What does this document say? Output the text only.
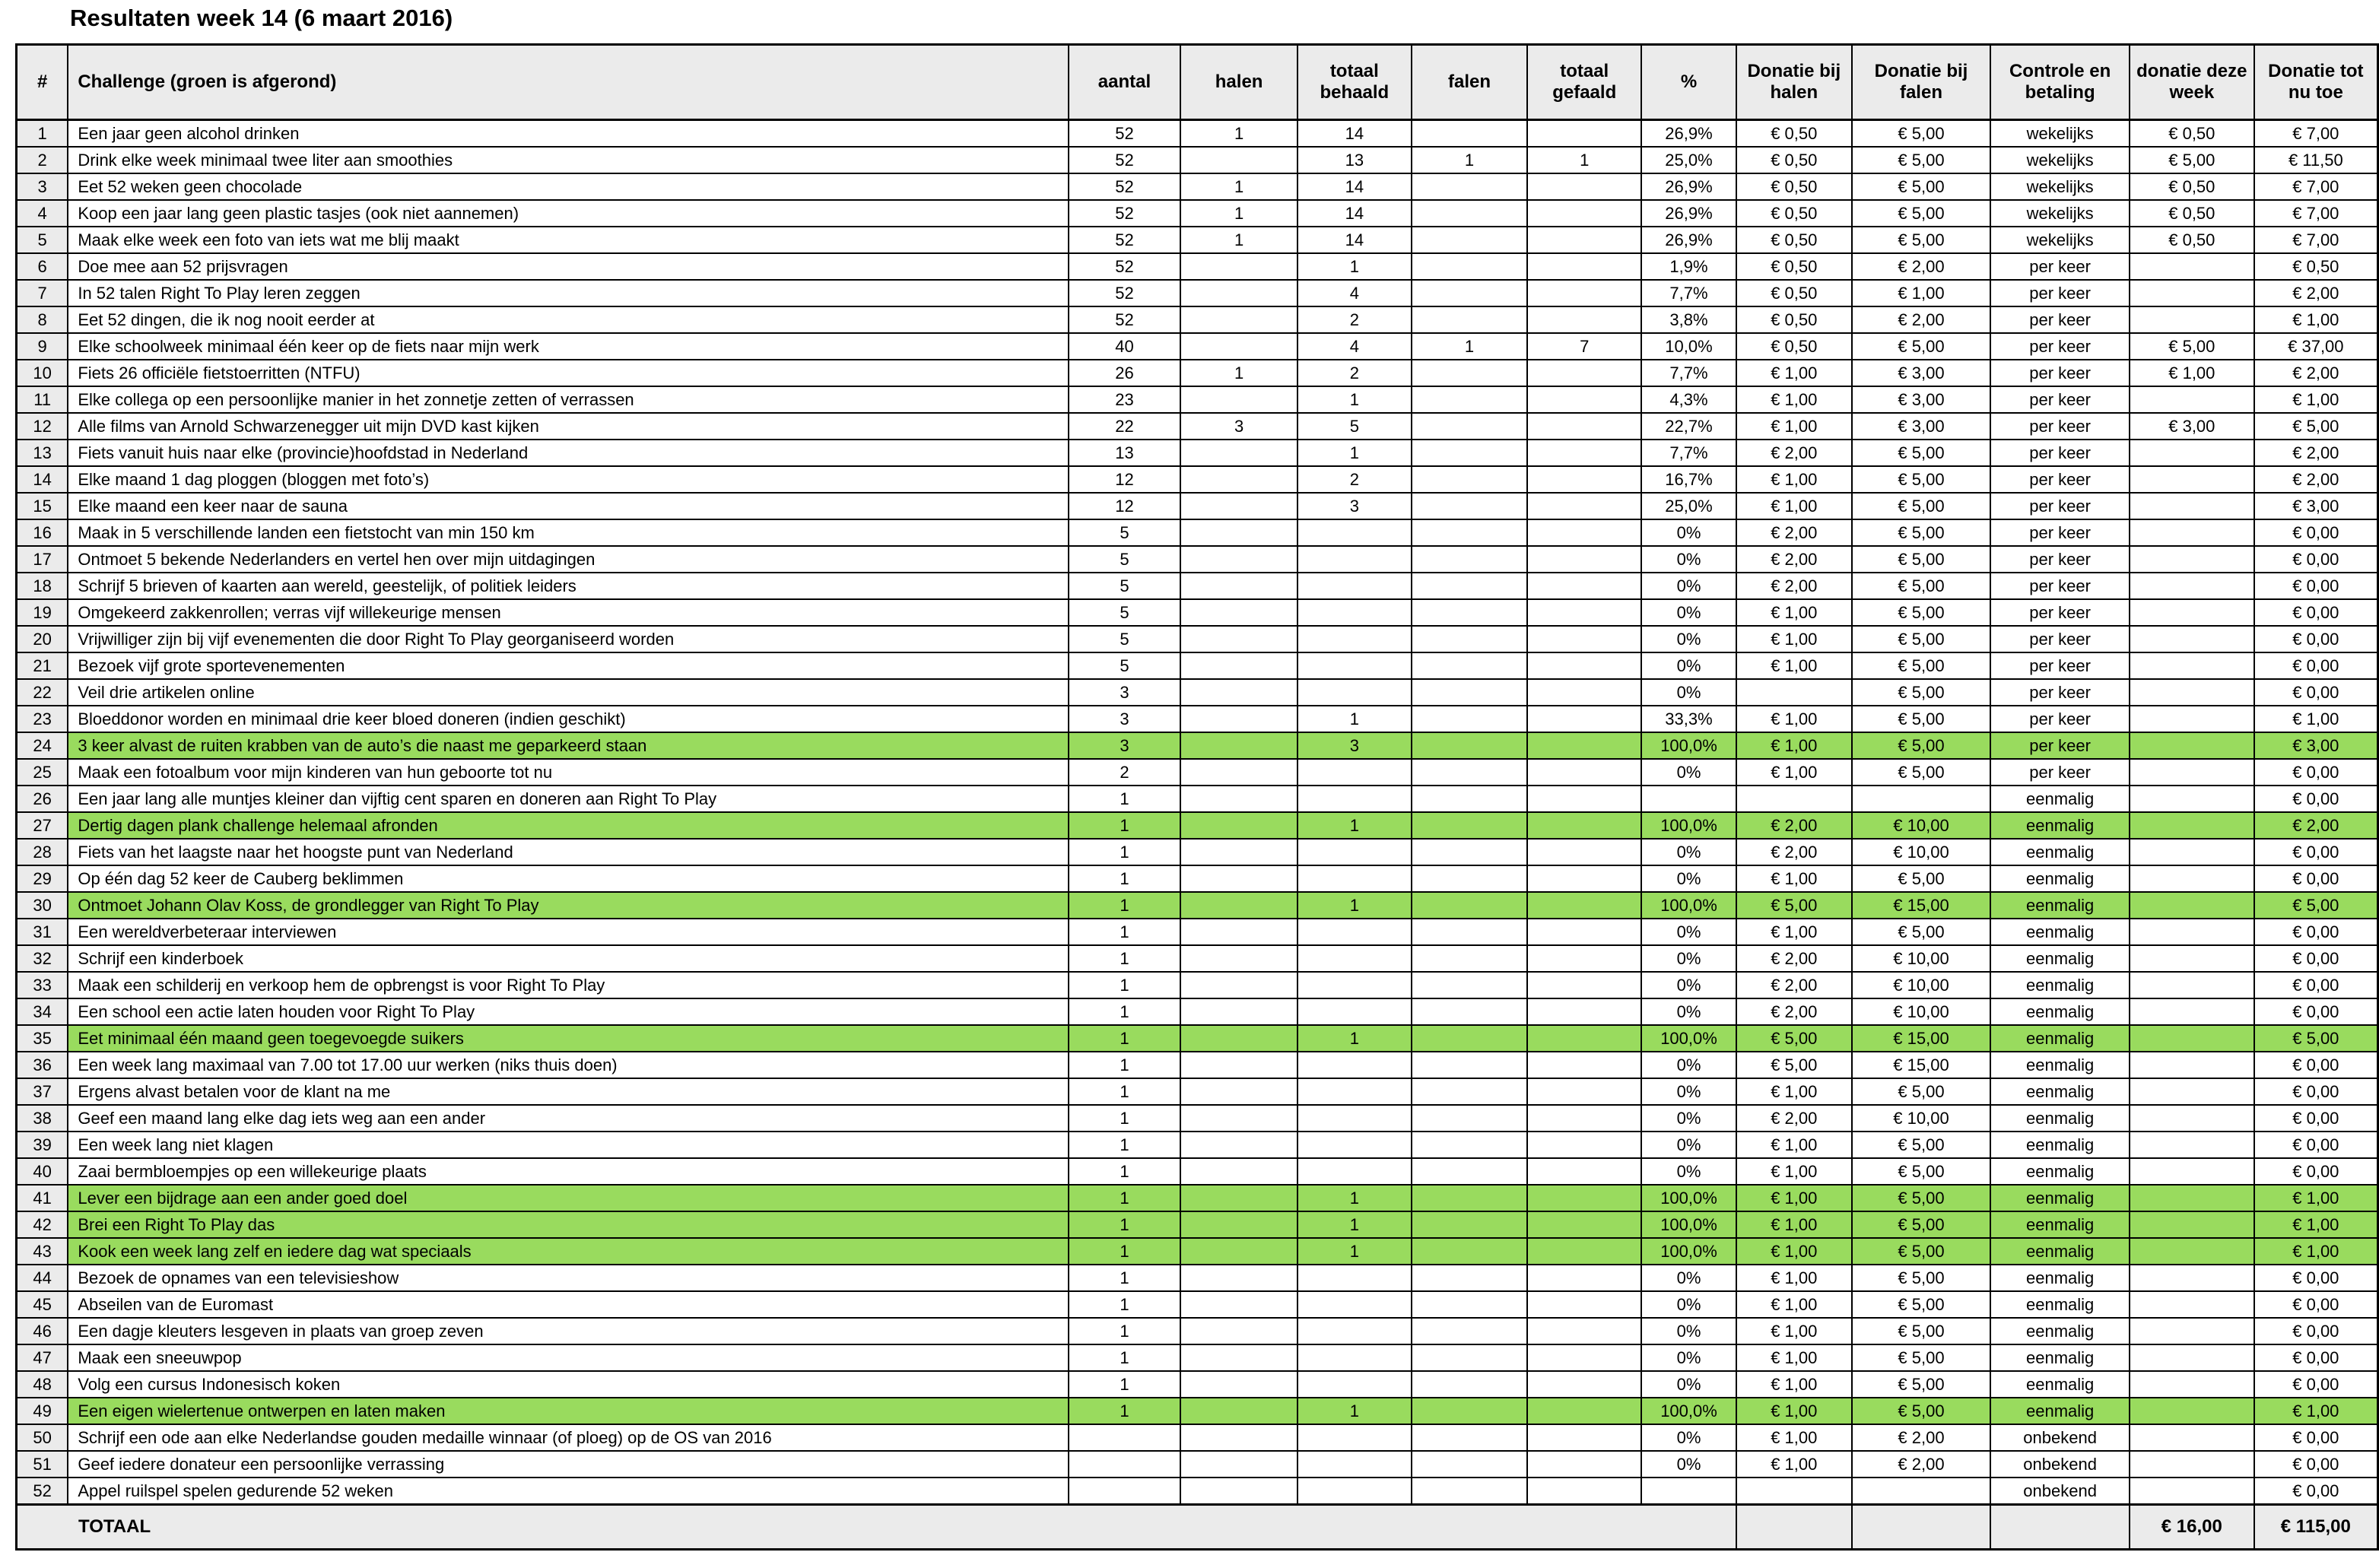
Resultaten week 14 (6 maart 2016)
#	Challenge (groen is afgerond)	aantal	halen	totaal behaald	falen	totaal gefaald	%	Donatie bij halen	Donatie bij falen	Controle en betaling	donatie deze week	Donatie tot nu toe
1	Een jaar geen alcohol drinken	52	1	14			26,9%	€ 0,50	€ 5,00	wekelijks	€ 0,50	€ 7,00
2	Drink elke week minimaal twee liter aan smoothies	52		13	1	1	25,0%	€ 0,50	€ 5,00	wekelijks	€ 5,00	€ 11,50
3	Eet 52 weken geen chocolade	52	1	14			26,9%	€ 0,50	€ 5,00	wekelijks	€ 0,50	€ 7,00
4	Koop een jaar lang geen plastic tasjes (ook niet aannemen)	52	1	14			26,9%	€ 0,50	€ 5,00	wekelijks	€ 0,50	€ 7,00
5	Maak elke week een foto van iets wat me blij maakt	52	1	14			26,9%	€ 0,50	€ 5,00	wekelijks	€ 0,50	€ 7,00
6	Doe mee aan 52 prijsvragen	52		1			1,9%	€ 0,50	€ 2,00	per keer		€ 0,50
7	In 52 talen Right To Play leren zeggen	52		4			7,7%	€ 0,50	€ 1,00	per keer		€ 2,00
8	Eet 52 dingen, die ik nog nooit eerder at	52		2			3,8%	€ 0,50	€ 2,00	per keer		€ 1,00
9	Elke schoolweek minimaal één keer op de fiets naar mijn werk	40		4	1	7	10,0%	€ 0,50	€ 5,00	per keer	€ 5,00	€ 37,00
10	Fiets 26 officiële fietstoerritten (NTFU)	26	1	2			7,7%	€ 1,00	€ 3,00	per keer	€ 1,00	€ 2,00
11	Elke collega op een persoonlijke manier in het zonnetje zetten of verrassen	23		1			4,3%	€ 1,00	€ 3,00	per keer		€ 1,00
12	Alle films van Arnold Schwarzenegger uit mijn DVD kast kijken	22	3	5			22,7%	€ 1,00	€ 3,00	per keer	€ 3,00	€ 5,00
13	Fiets vanuit huis naar elke (provincie)hoofdstad in Nederland	13		1			7,7%	€ 2,00	€ 5,00	per keer		€ 2,00
14	Elke maand 1 dag ploggen (bloggen met foto’s)	12		2			16,7%	€ 1,00	€ 5,00	per keer		€ 2,00
15	Elke maand een keer naar de sauna	12		3			25,0%	€ 1,00	€ 5,00	per keer		€ 3,00
16	Maak in 5 verschillende landen een fietstocht van min 150 km	5					0%	€ 2,00	€ 5,00	per keer		€ 0,00
17	Ontmoet 5 bekende Nederlanders en vertel hen over mijn uitdagingen	5					0%	€ 2,00	€ 5,00	per keer		€ 0,00
18	Schrijf 5 brieven of kaarten aan wereld, geestelijk, of politiek leiders	5					0%	€ 2,00	€ 5,00	per keer		€ 0,00
19	Omgekeerd zakkenrollen; verras vijf willekeurige mensen	5					0%	€ 1,00	€ 5,00	per keer		€ 0,00
20	Vrijwilliger zijn bij vijf evenementen die door Right To Play georganiseerd worden	5					0%	€ 1,00	€ 5,00	per keer		€ 0,00
21	Bezoek vijf grote sportevenementen	5					0%	€ 1,00	€ 5,00	per keer		€ 0,00
22	Veil drie artikelen online	3					0%		€ 5,00	per keer		€ 0,00
23	Bloeddonor worden en minimaal drie keer bloed doneren (indien geschikt)	3		1			33,3%	€ 1,00	€ 5,00	per keer		€ 1,00
24	3 keer alvast de ruiten krabben van de auto’s die naast me geparkeerd staan	3		3			100,0%	€ 1,00	€ 5,00	per keer		€ 3,00
25	Maak een fotoalbum voor mijn kinderen van hun geboorte tot nu	2					0%	€ 1,00	€ 5,00	per keer		€ 0,00
26	Een jaar lang alle muntjes kleiner dan vijftig cent sparen en doneren aan Right To Play	1								eenmalig		€ 0,00
27	Dertig dagen plank challenge helemaal afronden	1		1			100,0%	€ 2,00	€ 10,00	eenmalig		€ 2,00
28	Fiets van het laagste naar het hoogste punt van Nederland	1					0%	€ 2,00	€ 10,00	eenmalig		€ 0,00
29	Op één dag 52 keer de Cauberg beklimmen	1					0%	€ 1,00	€ 5,00	eenmalig		€ 0,00
30	Ontmoet Johann Olav Koss, de grondlegger van Right To Play	1		1			100,0%	€ 5,00	€ 15,00	eenmalig		€ 5,00
31	Een wereldverbeteraar interviewen	1					0%	€ 1,00	€ 5,00	eenmalig		€ 0,00
32	Schrijf een kinderboek	1					0%	€ 2,00	€ 10,00	eenmalig		€ 0,00
33	Maak een schilderij en verkoop hem de opbrengst is voor Right To Play	1					0%	€ 2,00	€ 10,00	eenmalig		€ 0,00
34	Een school een actie laten houden voor Right To Play	1					0%	€ 2,00	€ 10,00	eenmalig		€ 0,00
35	Eet minimaal één maand geen toegevoegde suikers	1		1			100,0%	€ 5,00	€ 15,00	eenmalig		€ 5,00
36	Een week lang maximaal van 7.00 tot 17.00 uur werken (niks thuis doen)	1					0%	€ 5,00	€ 15,00	eenmalig		€ 0,00
37	Ergens alvast betalen voor de klant na me	1					0%	€ 1,00	€ 5,00	eenmalig		€ 0,00
38	Geef een maand lang elke dag iets weg aan een ander	1					0%	€ 2,00	€ 10,00	eenmalig		€ 0,00
39	Een week lang niet klagen	1					0%	€ 1,00	€ 5,00	eenmalig		€ 0,00
40	Zaai bermbloempjes op een willekeurige plaats	1					0%	€ 1,00	€ 5,00	eenmalig		€ 0,00
41	Lever een bijdrage aan een ander goed doel	1		1			100,0%	€ 1,00	€ 5,00	eenmalig		€ 1,00
42	Brei een Right To Play das	1		1			100,0%	€ 1,00	€ 5,00	eenmalig		€ 1,00
43	Kook een week lang zelf en iedere dag wat speciaals	1		1			100,0%	€ 1,00	€ 5,00	eenmalig		€ 1,00
44	Bezoek de opnames van een televisieshow	1					0%	€ 1,00	€ 5,00	eenmalig		€ 0,00
45	Abseilen van de Euromast	1					0%	€ 1,00	€ 5,00	eenmalig		€ 0,00
46	Een dagje kleuters lesgeven in plaats van groep zeven	1					0%	€ 1,00	€ 5,00	eenmalig		€ 0,00
47	Maak een sneeuwpop	1					0%	€ 1,00	€ 5,00	eenmalig		€ 0,00
48	Volg een cursus Indonesisch koken	1					0%	€ 1,00	€ 5,00	eenmalig		€ 0,00
49	Een eigen wielertenue ontwerpen en laten maken	1		1			100,0%	€ 1,00	€ 5,00	eenmalig		€ 1,00
50	Schrijf een ode aan elke Nederlandse gouden medaille winnaar (of ploeg) op de OS van 2016						0%	€ 1,00	€ 2,00	onbekend		€ 0,00
51	Geef iedere donateur een persoonlijke verrassing						0%	€ 1,00	€ 2,00	onbekend		€ 0,00
52	Appel ruilspel spelen gedurende 52 weken									onbekend		€ 0,00
TOTAAL											€ 16,00	€ 115,00
